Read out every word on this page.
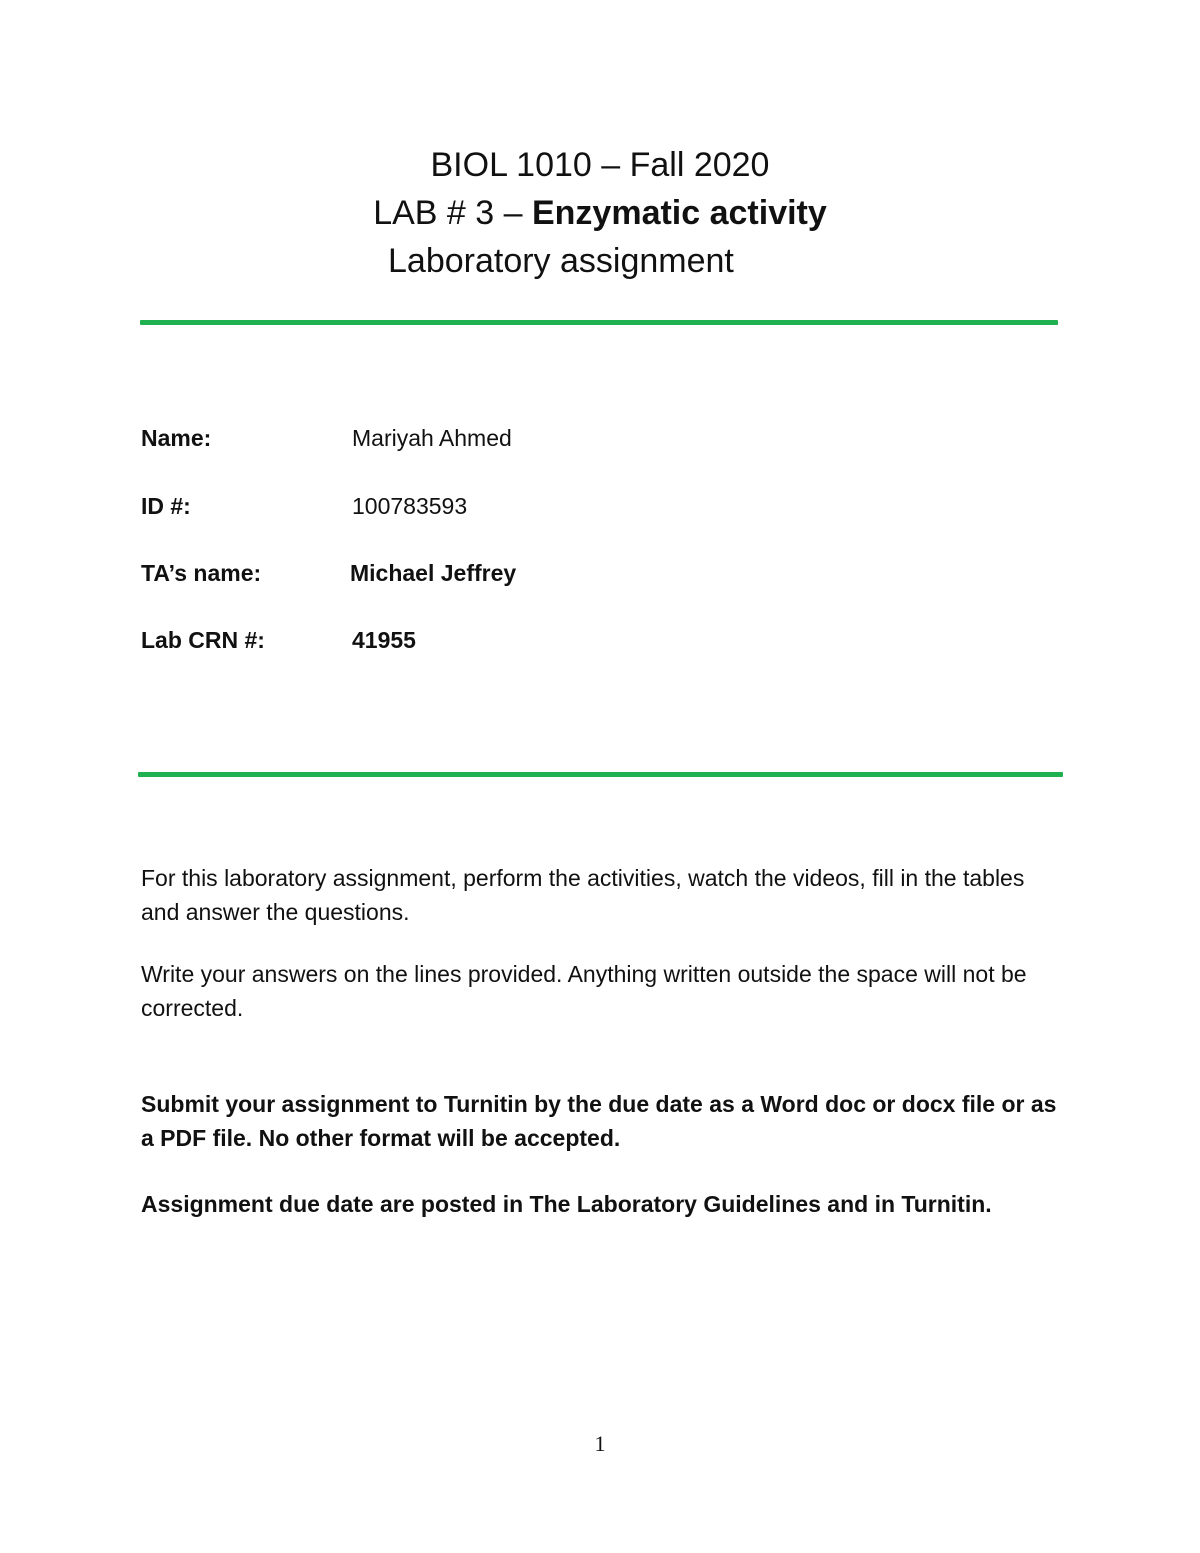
BIOL 1010 – Fall 2020
LAB # 3 – Enzymatic activity
Laboratory assignment
Name:	Mariyah Ahmed
ID #:	100783593
TA’s name:	Michael Jeffrey
Lab CRN #:	41955
For this laboratory assignment, perform the activities, watch the videos, fill in the tables and answer the questions.
Write your answers on the lines provided. Anything written outside the space will not be corrected.
Submit your assignment to Turnitin by the due date as a Word doc or docx file or as a PDF file. No other format will be accepted.
Assignment due date are posted in The Laboratory Guidelines and in Turnitin.
1
